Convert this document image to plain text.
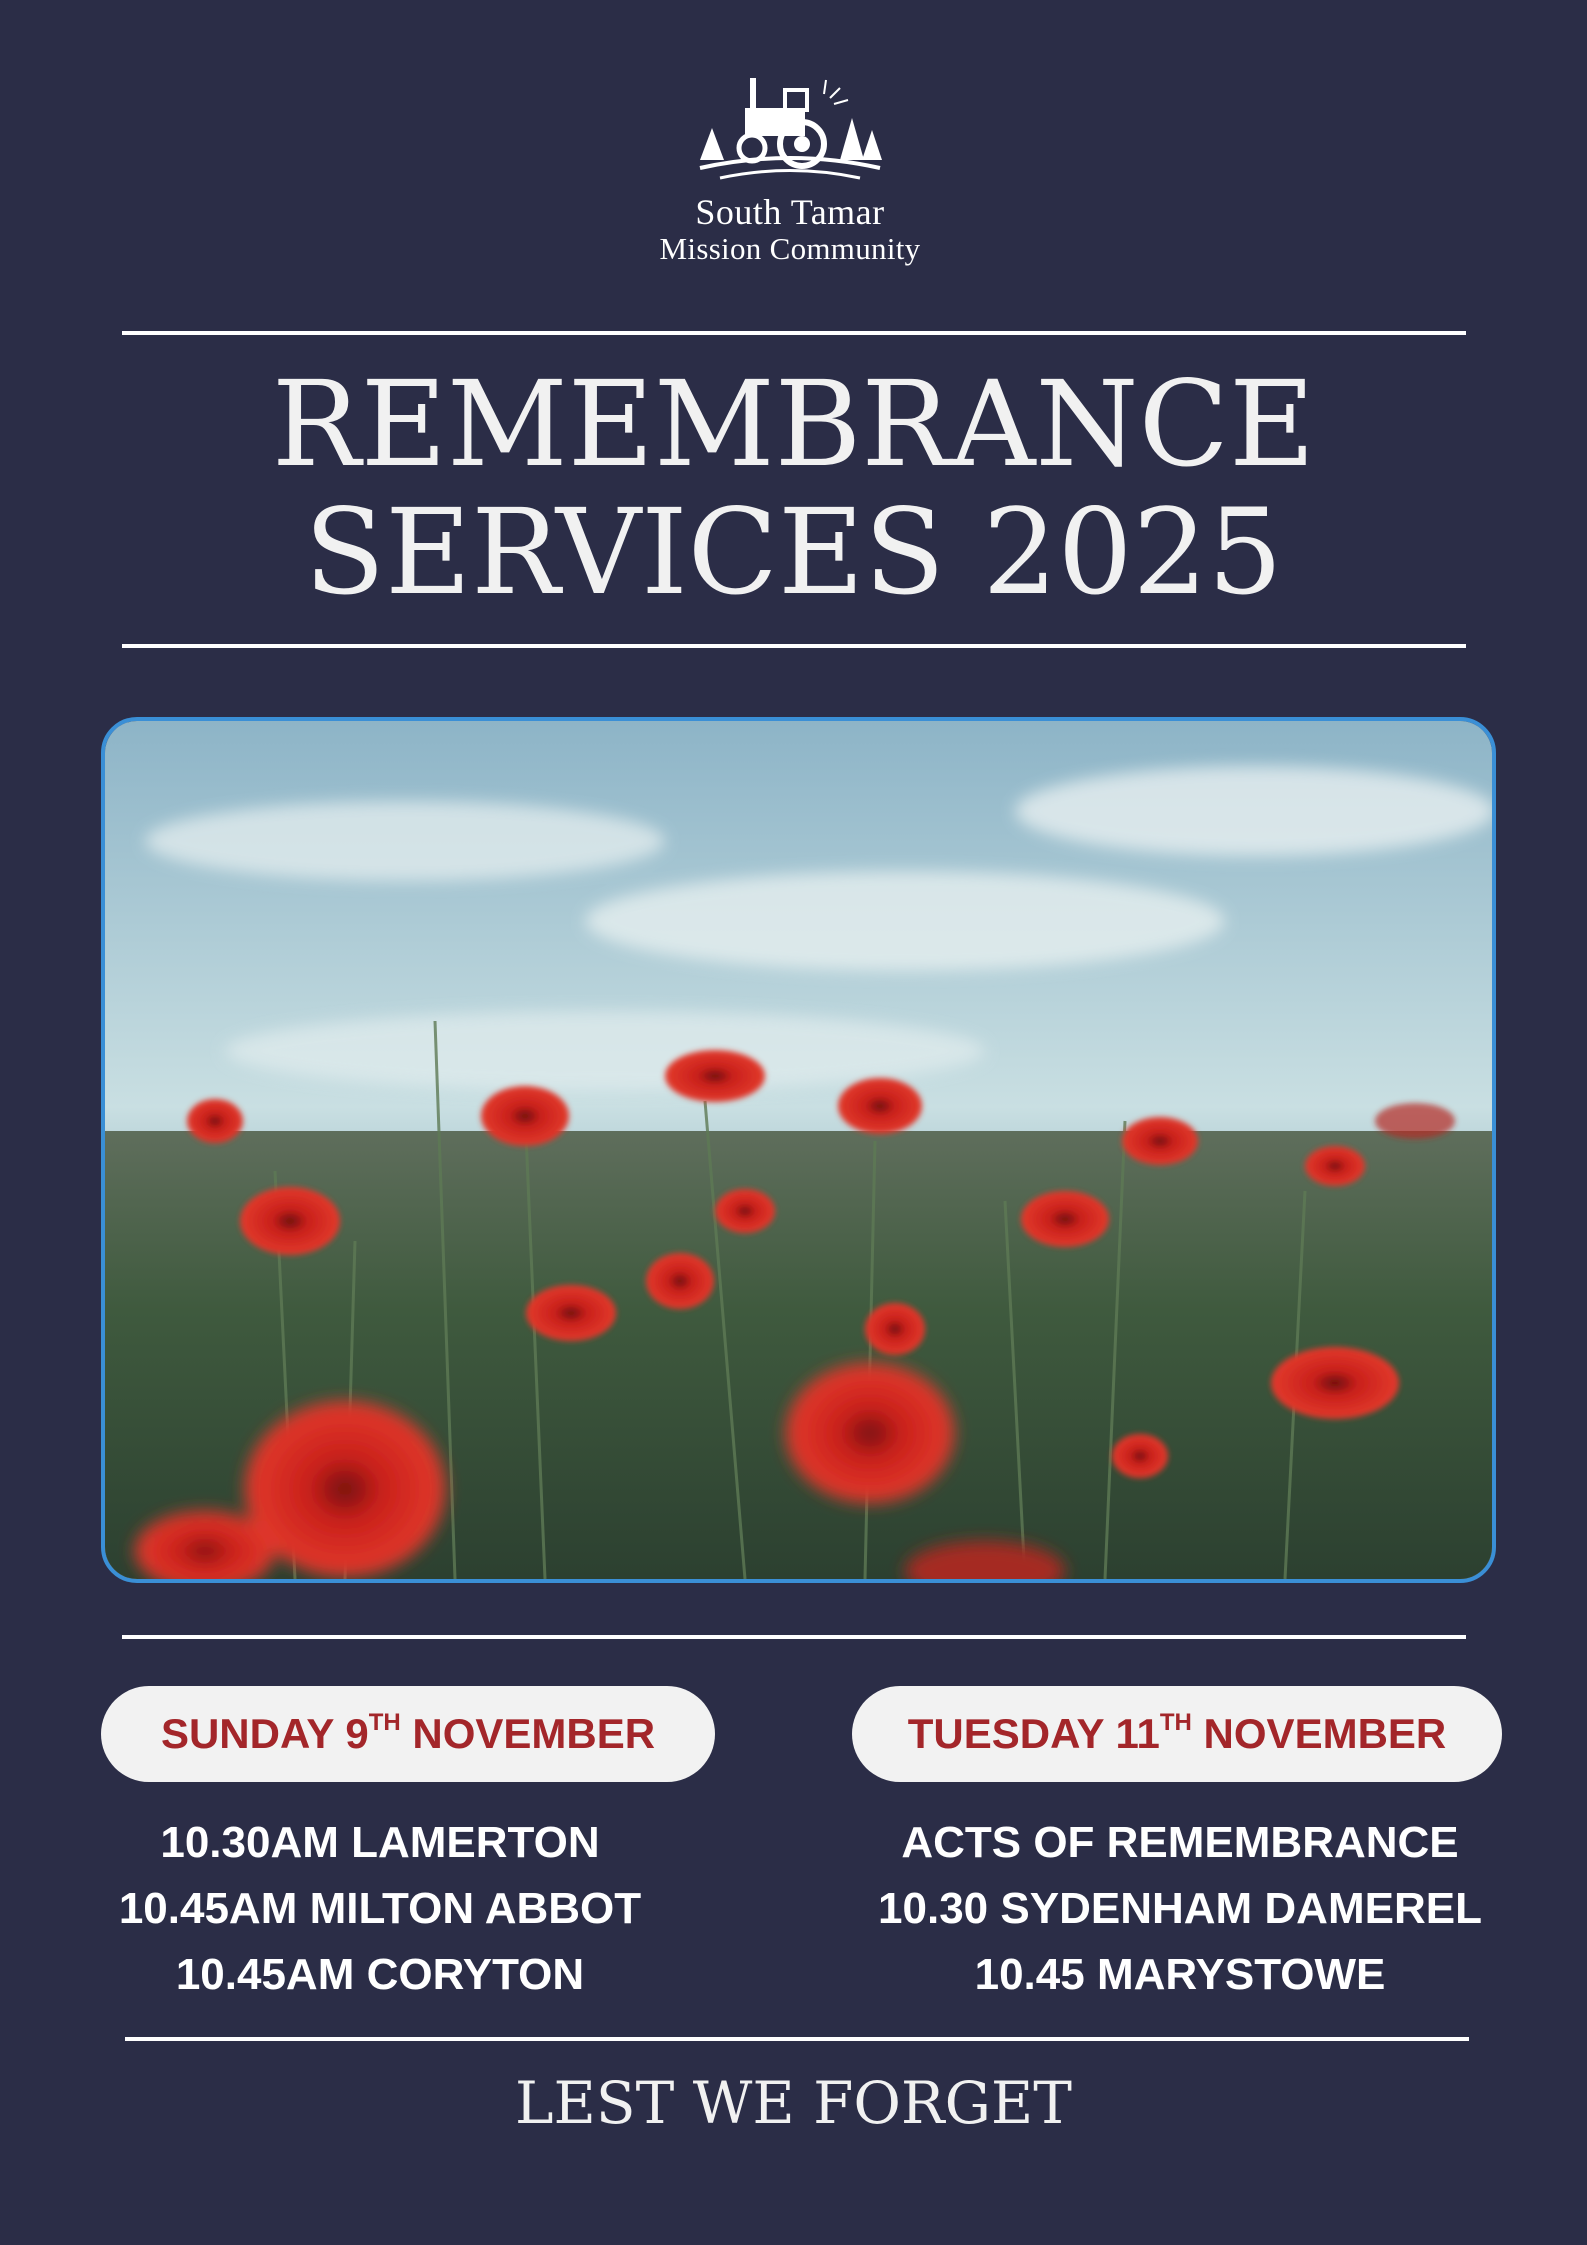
South Tamar
Mission Community
REMEMBRANCE
SERVICES 2025
SUNDAY 9TH NOVEMBER
10.30AM LAMERTON
10.45AM MILTON ABBOT
10.45AM CORYTON
TUESDAY 11TH NOVEMBER
ACTS OF REMEMBRANCE
10.30 SYDENHAM DAMEREL
10.45 MARYSTOWE
LEST WE FORGET
